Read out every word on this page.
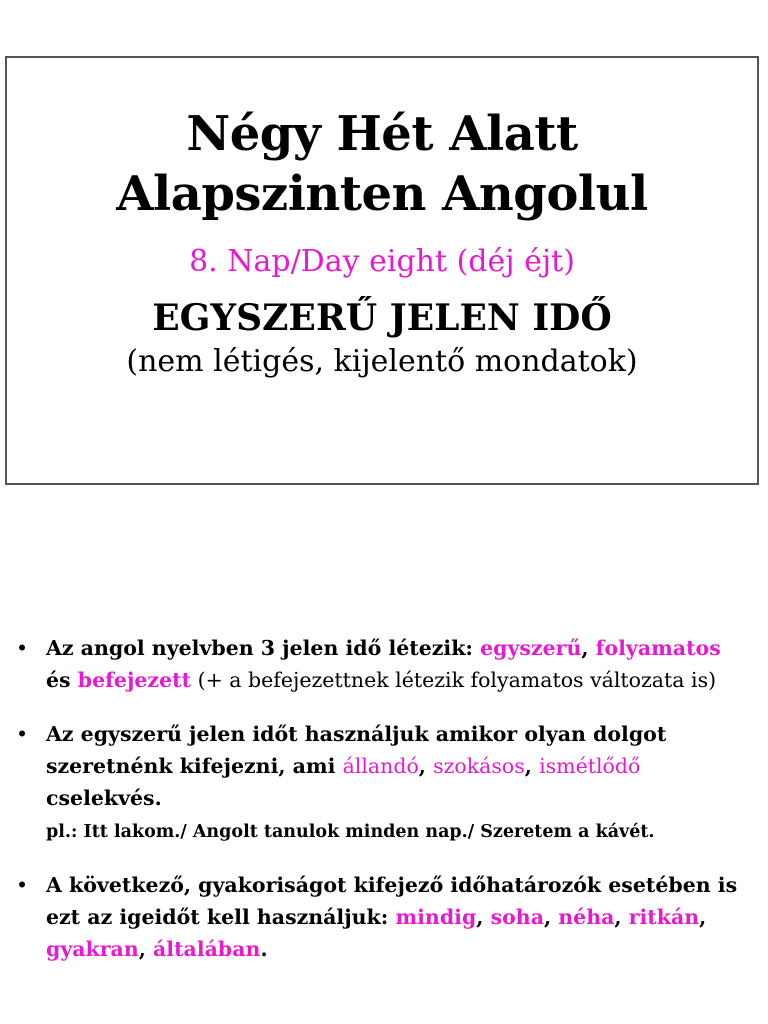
Négy Hét Alatt
Alapszinten Angolul
8. Nap/Day eight (déj éjt)
EGYSZERŰ JELEN IDŐ
(nem létigés, kijelentő mondatok)
• Az angol nyelvben 3 jelen idő létezik: egyszerű, folyamatos
és befejezett (+ a befejezettnek létezik folyamatos változata is)
• Az egyszerű jelen időt használjuk amikor olyan dolgot szeretnénk kifejezni, ami állandó, szokásos, ismétlődő cselekvés.
pl.: Itt lakom./ Angolt tanulok minden nap./ Szeretem a kávét.
• A következő, gyakoriságot kifejező időhatározók esetében is ezt az igeidőt kell használjuk: mindig, soha, néha, ritkán, gyakran, általában.
